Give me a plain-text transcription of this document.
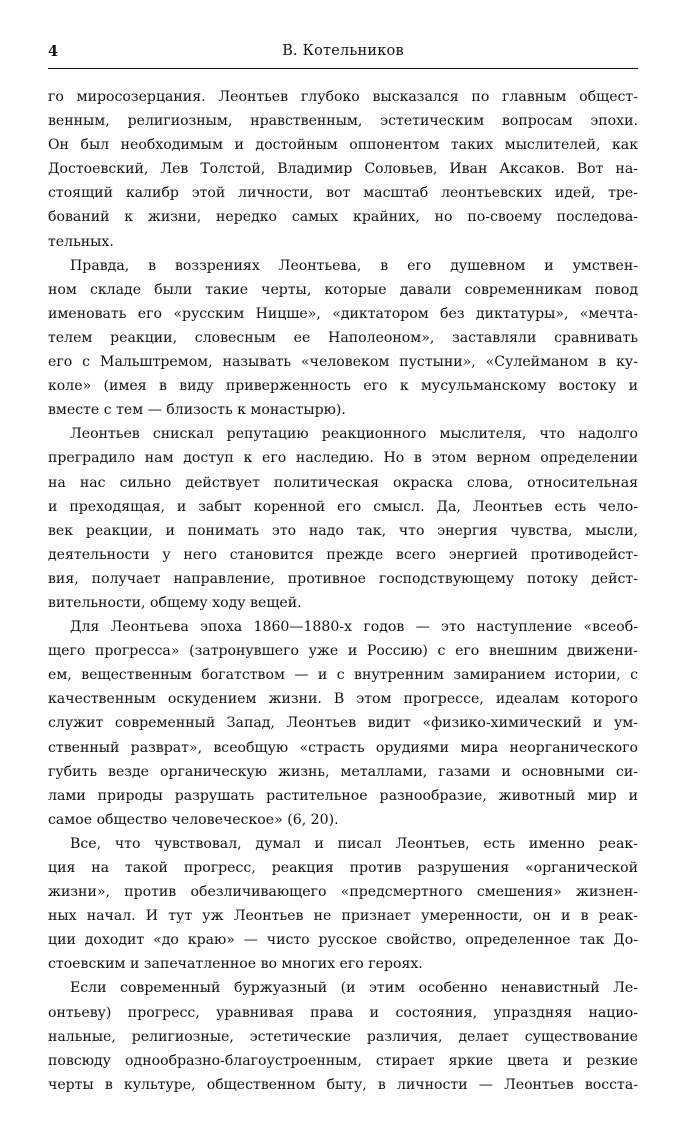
4	В. Котельников

го миросозерцания. Леонтьев глубоко высказался по главным общест-
венным, религиозным, нравственным, эстетическим вопросам эпохи.
Он был необходимым и достойным оппонентом таких мыслителей, как
Достоевский, Лев Толстой, Владимир Соловьев, Иван Аксаков. Вот на-
стоящий калибр этой личности, вот масштаб леонтьевских идей, тре-
бований к жизни, нередко самых крайних, но по-своему последова-
тельных.

Правда, в воззрениях Леонтьева, в его душевном и умствен-
ном складе были такие черты, которые давали современникам повод
именовать его «русским Ницше», «диктатором без диктатуры», «мечта-
телем реакции, словесным ее Наполеоном», заставляли сравнивать
его с Мальштремом, называть «человеком пустыни», «Сулейманом в ку-
коле» (имея в виду приверженность его к мусульманскому востоку и
вместе с тем — близость к монастырю).

Леонтьев снискал репутацию реакционного мыслителя, что надолго
преградило нам доступ к его наследию. Но в этом верном определении
на нас сильно действует политическая окраска слова, относительная
и преходящая, и забыт коренной его смысл. Да, Леонтьев есть чело-
век реакции, и понимать это надо так, что энергия чувства, мысли,
деятельности у него становится прежде всего энергией противодейст-
вия, получает направление, противное господствующему потоку дейст-
вительности, общему ходу вещей.

Для Леонтьева эпоха 1860—1880-х годов — это наступление «всеоб-
щего прогресса» (затронувшего уже и Россию) с его внешним движени-
ем, вещественным богатством — и с внутренним замиранием истории, с
качественным оскудением жизни. В этом прогрессе, идеалам которого
служит современный Запад, Леонтьев видит «физико-химический и ум-
ственный разврат», всеобщую «страсть орудиями мира неорганического
губить везде органическую жизнь, металлами, газами и основными си-
лами природы разрушать растительное разнообразие, животный мир и
самое общество человеческое» (6, 20).

Все, что чувствовал, думал и писал Леонтьев, есть именно реак-
ция на такой прогресс, реакция против разрушения «органической
жизни», против обезличивающего «предсмертного смешения» жизнен-
ных начал. И тут уж Леонтьев не признает умеренности, он и в реак-
ции доходит «до краю» — чисто русское свойство, определенное так До-
стоевским и запечатленное во многих его героях.

Если современный буржуазный (и этим особенно ненавистный Ле-
онтьеву) прогресс, уравнивая права и состояния, упраздняя нацио-
нальные, религиозные, эстетические различия, делает существование
повсюду однообразно-благоустроенным, стирает яркие цвета и резкие
черты в культуре, общественном быту, в личности — Леонтьев восста-
